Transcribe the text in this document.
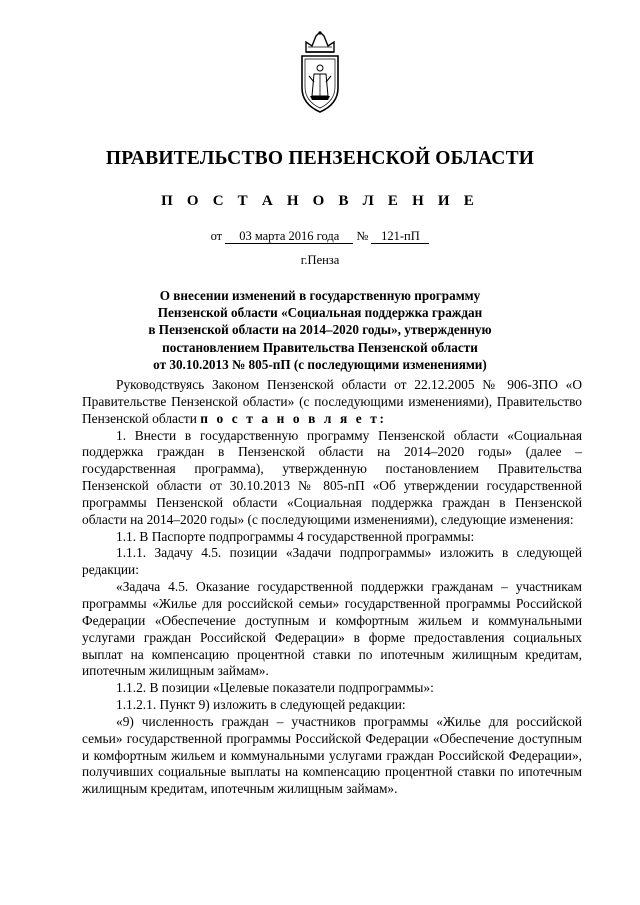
ПРАВИТЕЛЬСТВО ПЕНЗЕНСКОЙ ОБЛАСТИ
П О С Т А Н О В Л Е Н И Е
от 03 марта 2016 года № 121-пП
г.Пенза
О внесении изменений в государственную программу
Пензенской области «Социальная поддержка граждан
в Пензенской области на 2014–2020 годы», утвержденную
постановлением Правительства Пензенской области
от 30.10.2013 № 805-пП (с последующими изменениями)

Руководствуясь Законом Пензенской области от 22.12.2005 № 906-ЗПО «О Правительстве Пензенской области» (с последующими изменениями), Правительство Пензенской области п о с т а н о в л я е т:

1. Внести в государственную программу Пензенской области «Социальная поддержка граждан в Пензенской области на 2014–2020 годы» (далее – государственная программа), утвержденную постановлением Правительства Пензенской области от 30.10.2013 № 805-пП «Об утверждении государственной программы Пензенской области «Социальная поддержка граждан в Пензенской области на 2014–2020 годы» (с последующими изменениями), следующие изменения:

1.1. В Паспорте подпрограммы 4 государственной программы:

1.1.1. Задачу 4.5. позиции «Задачи подпрограммы» изложить в следующей редакции:

«Задача 4.5. Оказание государственной поддержки гражданам – участникам программы «Жилье для российской семьи» государственной программы Российской Федерации «Обеспечение доступным и комфортным жильем и коммунальными услугами граждан Российской Федерации» в форме предоставления социальных выплат на компенсацию процентной ставки по ипотечным жилищным кредитам, ипотечным жилищным займам».

1.1.2. В позиции «Целевые показатели подпрограммы»:

1.1.2.1. Пункт 9) изложить в следующей редакции:

«9) численность граждан – участников программы «Жилье для российской семьи» государственной программы Российской Федерации «Обеспечение доступным и комфортным жильем и коммунальными услугами граждан Российской Федерации», получивших социальные выплаты на компенсацию процентной ставки по ипотечным жилищным кредитам, ипотечным жилищным займам».
